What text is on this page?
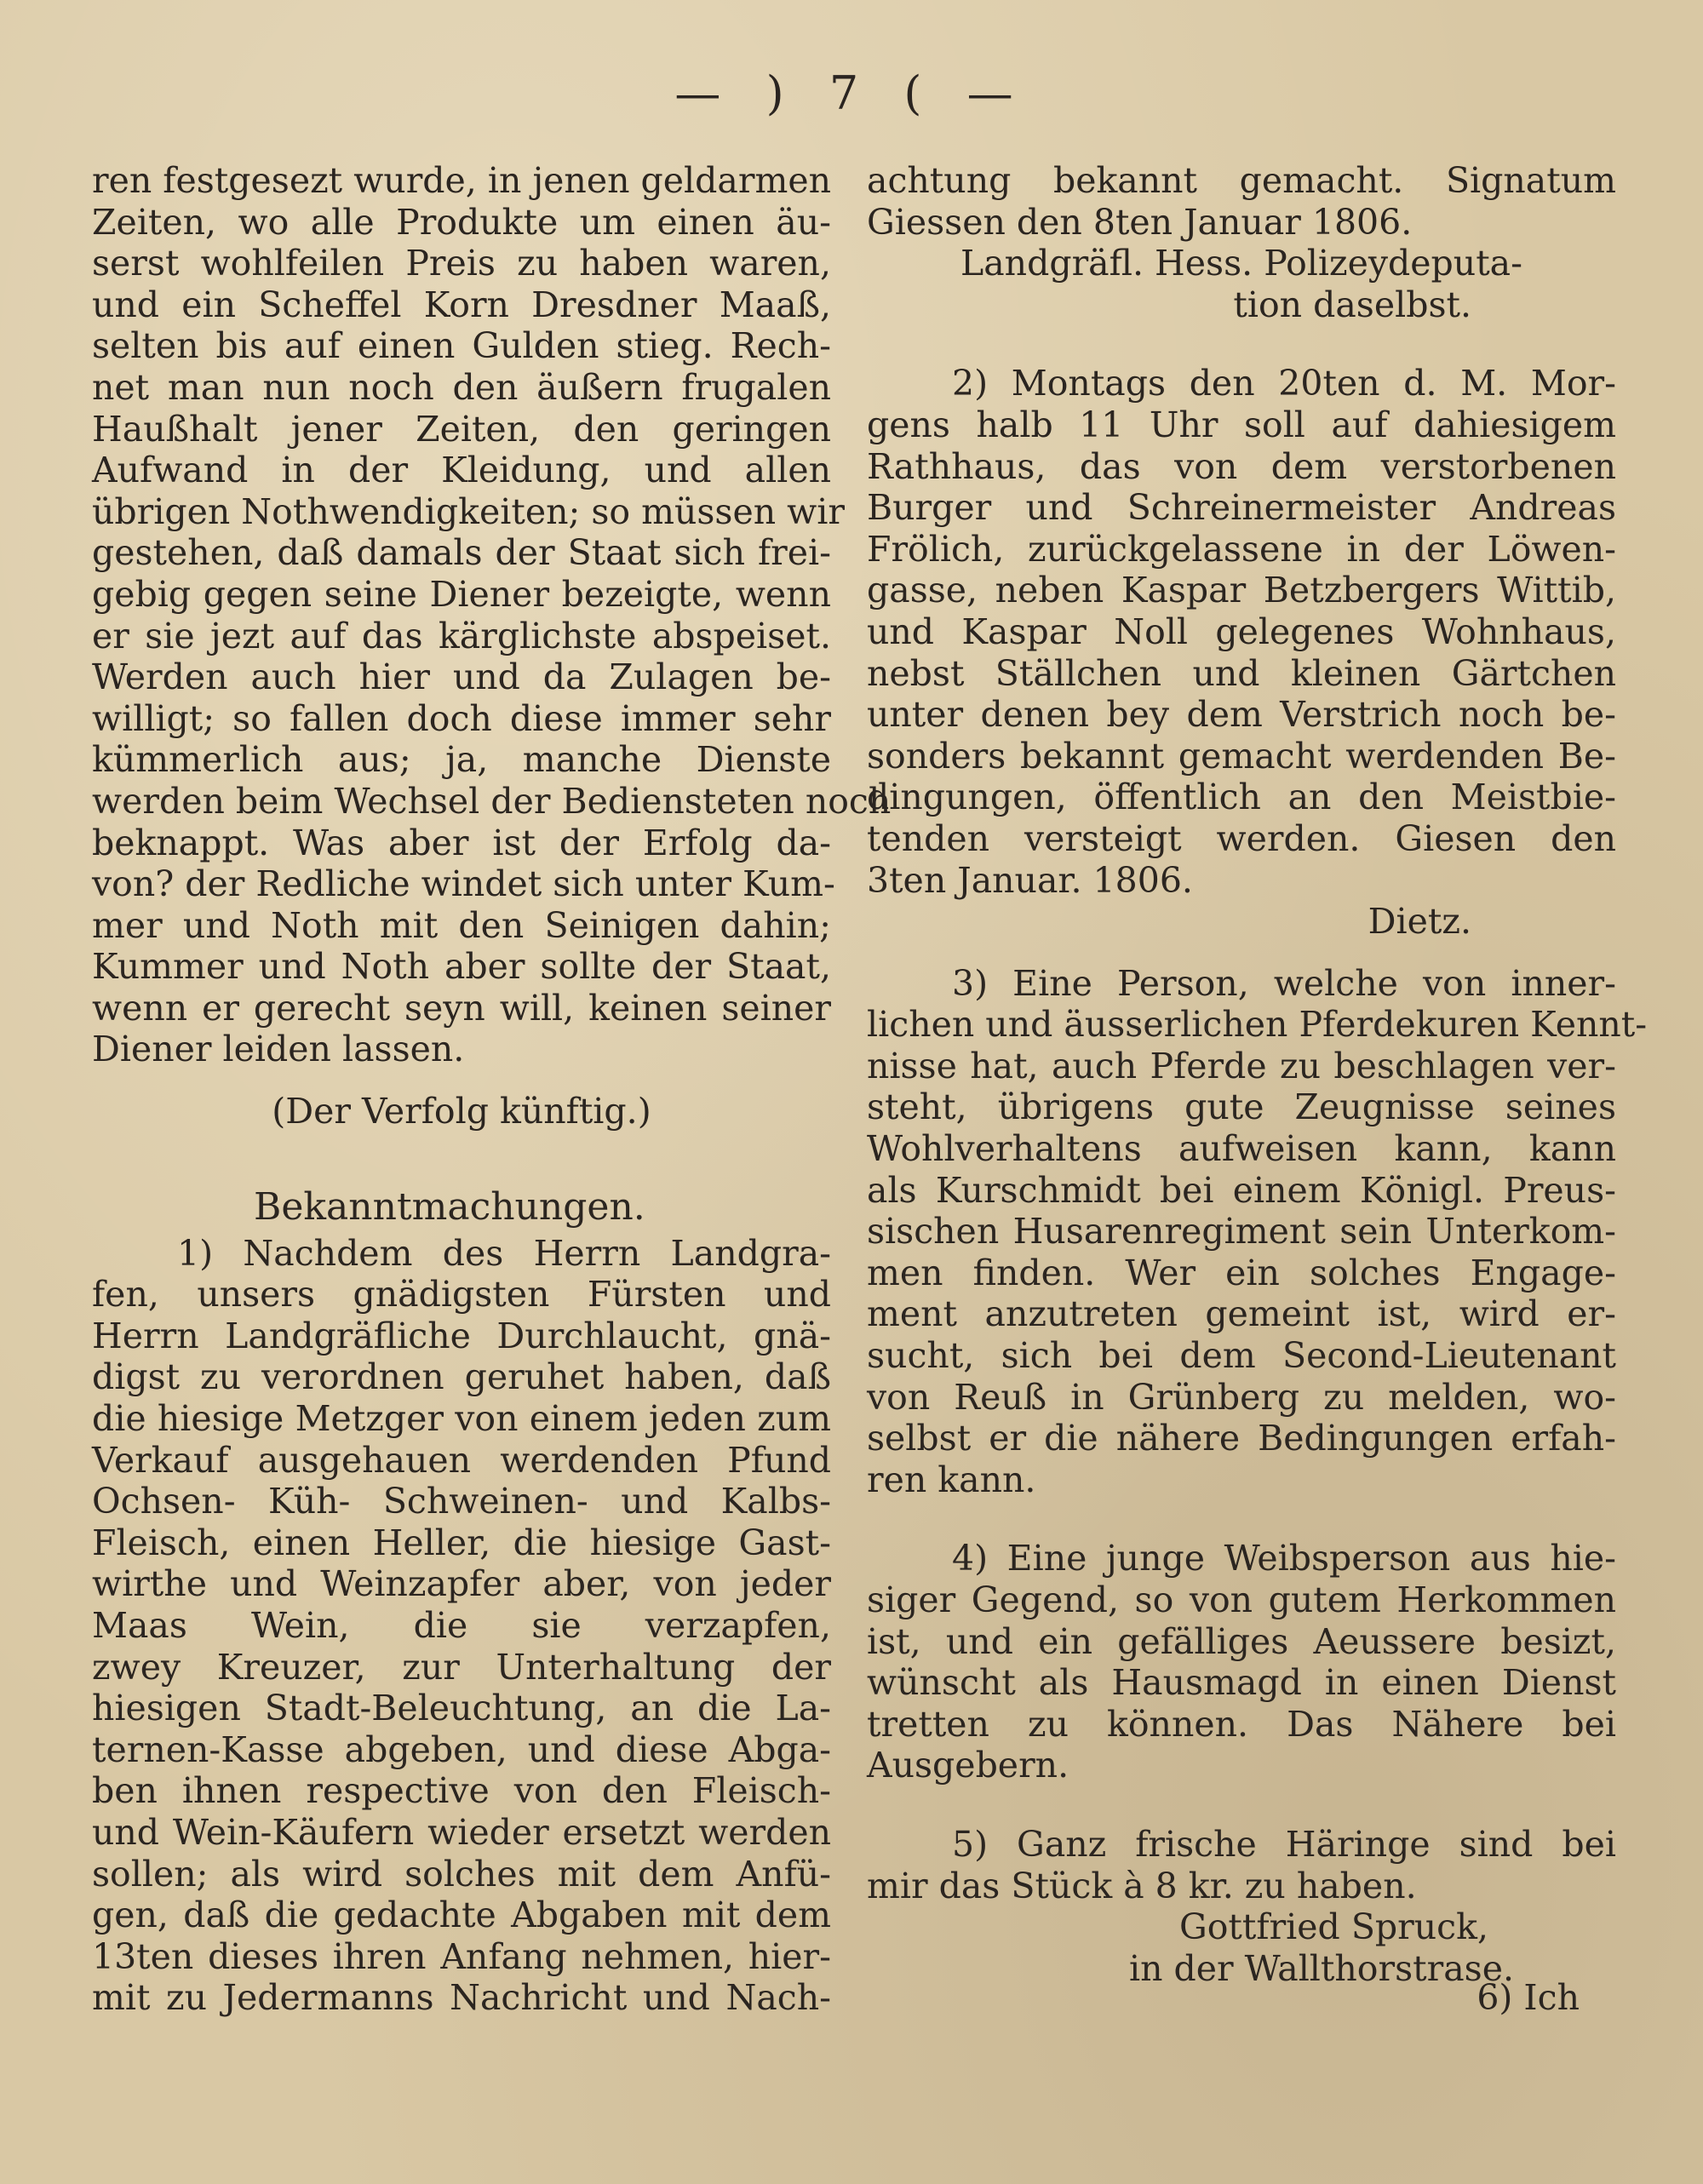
— ) 7 ( —
ren festgesezt wurde, in jenen geldarmen
Zeiten, wo alle Produkte um einen äu-
serst wohlfeilen Preis zu haben waren,
und ein Scheffel Korn Dresdner Maaß,
selten bis auf einen Gulden stieg. Rech-
net man nun noch den äußern frugalen
Haußhalt jener Zeiten, den geringen
Aufwand in der Kleidung, und allen
übrigen Nothwendigkeiten; so müssen wir
gestehen, daß damals der Staat sich frei-
gebig gegen seine Diener bezeigte, wenn
er sie jezt auf das kärglichste abspeiset.
Werden auch hier und da Zulagen be-
willigt; so fallen doch diese immer sehr
kümmerlich aus; ja, manche Dienste
werden beim Wechsel der Bediensteten noch
beknappt. Was aber ist der Erfolg da-
von? der Redliche windet sich unter Kum-
mer und Noth mit den Seinigen dahin;
Kummer und Noth aber sollte der Staat,
wenn er gerecht seyn will, keinen seiner
Diener leiden lassen.
(Der Verfolg künftig.)
Bekanntmachungen.
1) Nachdem des Herrn Landgra-
fen, unsers gnädigsten Fürsten und
Herrn Landgräfliche Durchlaucht, gnä-
digst zu verordnen geruhet haben, daß
die hiesige Metzger von einem jeden zum
Verkauf ausgehauen werdenden Pfund
Ochsen- Küh- Schweinen- und Kalbs-
Fleisch, einen Heller, die hiesige Gast-
wirthe und Weinzapfer aber, von jeder
Maas Wein, die sie verzapfen,
zwey Kreuzer, zur Unterhaltung der
hiesigen Stadt-Beleuchtung, an die La-
ternen-Kasse abgeben, und diese Abga-
ben ihnen respective von den Fleisch-
und Wein-Käufern wieder ersetzt werden
sollen; als wird solches mit dem Anfü-
gen, daß die gedachte Abgaben mit dem
13ten dieses ihren Anfang nehmen, hier-
mit zu Jedermanns Nachricht und Nach-
achtung bekannt gemacht. Signatum
Giessen den 8ten Januar 1806.
Landgräfl. Hess. Polizeydeputa-
tion daselbst.
2) Montags den 20ten d. M. Mor-
gens halb 11 Uhr soll auf dahiesigem
Rathhaus, das von dem verstorbenen
Burger und Schreinermeister Andreas
Frölich, zurückgelassene in der Löwen-
gasse, neben Kaspar Betzbergers Wittib,
und Kaspar Noll gelegenes Wohnhaus,
nebst Ställchen und kleinen Gärtchen
unter denen bey dem Verstrich noch be-
sonders bekannt gemacht werdenden Be-
dingungen, öffentlich an den Meistbie-
tenden versteigt werden. Giesen den
3ten Januar. 1806.
Dietz.
3) Eine Person, welche von inner-
lichen und äusserlichen Pferdekuren Kennt-
nisse hat, auch Pferde zu beschlagen ver-
steht, übrigens gute Zeugnisse seines
Wohlverhaltens aufweisen kann, kann
als Kurschmidt bei einem Königl. Preus-
sischen Husarenregiment sein Unterkom-
men finden. Wer ein solches Engage-
ment anzutreten gemeint ist, wird er-
sucht, sich bei dem Second-Lieutenant
von Reuß in Grünberg zu melden, wo-
selbst er die nähere Bedingungen erfah-
ren kann.
4) Eine junge Weibsperson aus hie-
siger Gegend, so von gutem Herkommen
ist, und ein gefälliges Aeussere besizt,
wünscht als Hausmagd in einen Dienst
tretten zu können. Das Nähere bei
Ausgebern.
5) Ganz frische Häringe sind bei
mir das Stück à 8 kr. zu haben.
Gottfried Spruck,
in der Wallthorstrase.
6) Ich
